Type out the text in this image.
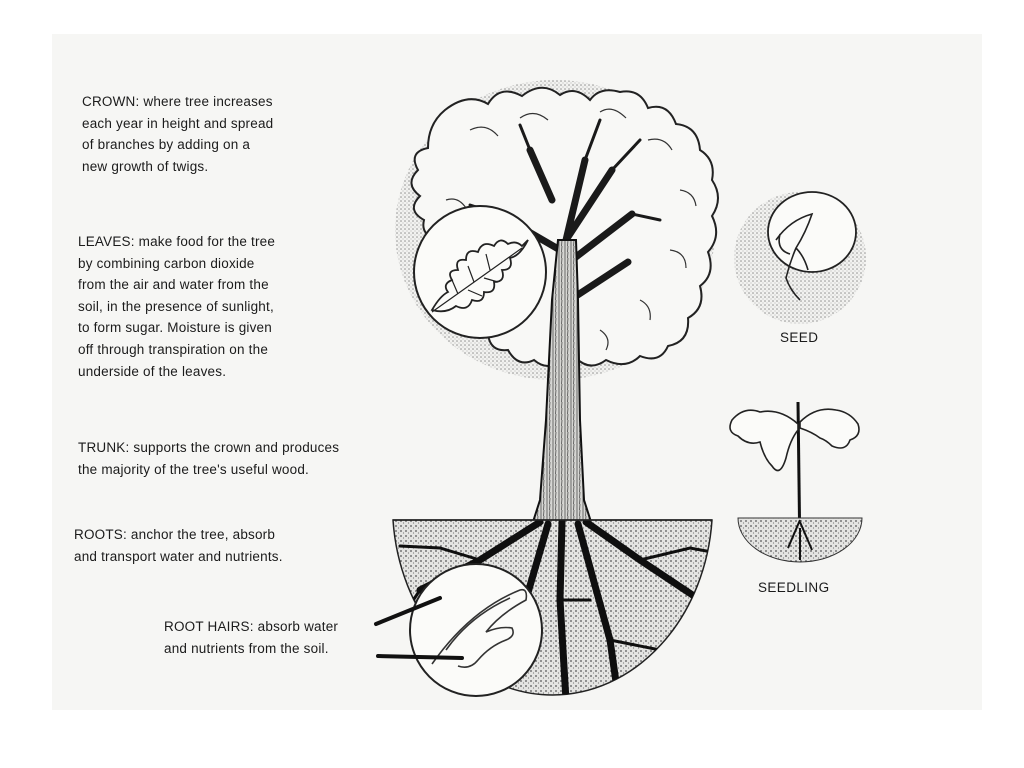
CROWN: where tree increases
each year in height and spread
of branches by adding on a
new growth of twigs.

LEAVES: make food for the tree
by combining carbon dioxide
from the air and water from the
soil, in the presence of sunlight,
to form sugar. Moisture is given
off through transpiration on the
underside of the leaves.

TRUNK: supports the crown and produces
the majority of the tree's useful wood.

ROOTS: anchor the tree, absorb
and transport water and nutrients.

ROOT HAIRS: absorb water
and nutrients from the soil.

SEED

SEEDLING
